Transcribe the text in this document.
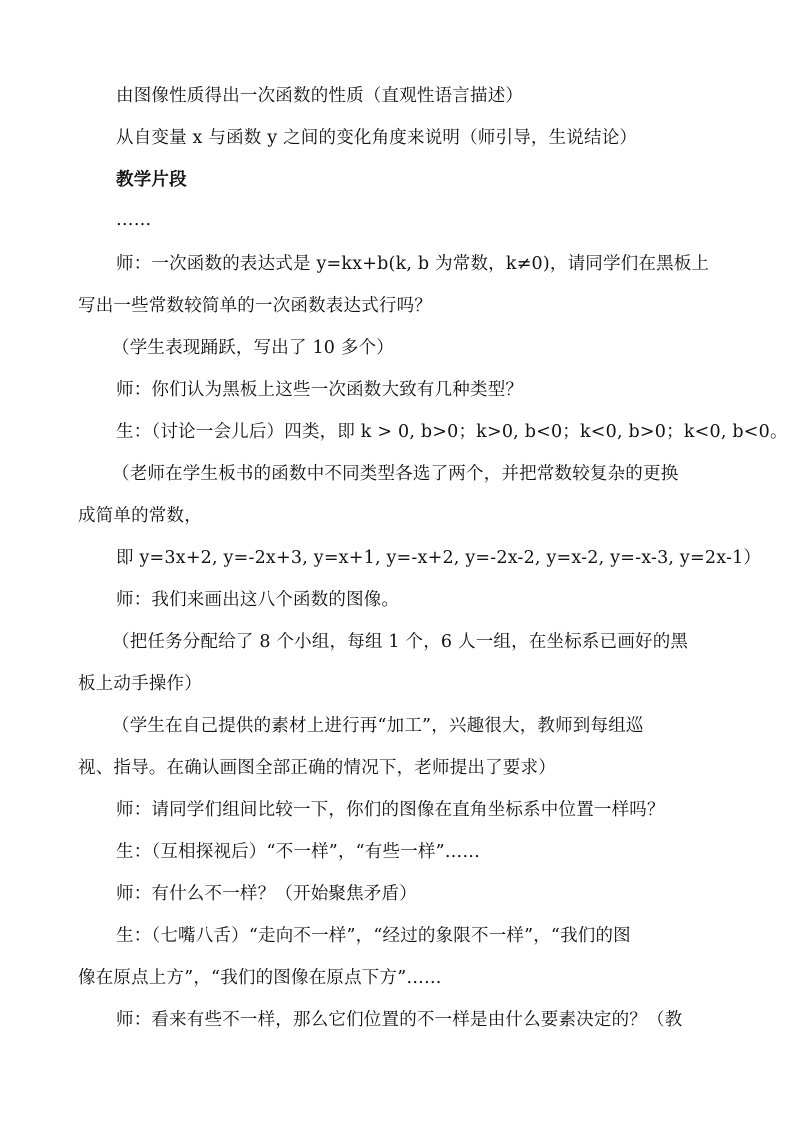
由图像性质得出一次函数的性质（直观性语言描述）
从自变量 x 与函数 y 之间的变化角度来说明（师引导，生说结论）
教学片段
……
师：一次函数的表达式是 y=kx+b(k, b 为常数，k≠0)，请同学们在黑板上
写出一些常数较简单的一次函数表达式行吗？
（学生表现踊跃，写出了 10 多个）
师：你们认为黑板上这些一次函数大致有几种类型？
生：（讨论一会儿后）四类，即 k > 0, b>0；k>0, b<0；k<0, b>0；k<0, b<0。
（老师在学生板书的函数中不同类型各选了两个，并把常数较复杂的更换
成简单的常数，
即 y=3x+2, y=-2x+3, y=x+1, y=-x+2, y=-2x-2, y=x-2, y=-x-3, y=2x-1）
师：我们来画出这八个函数的图像。
（把任务分配给了 8 个小组，每组 1 个，6 人一组，在坐标系已画好的黑
板上动手操作）
（学生在自己提供的素材上进行再“加工”，兴趣很大，教师到每组巡
视、指导。在确认画图全部正确的情况下，老师提出了要求）
师：请同学们组间比较一下，你们的图像在直角坐标系中位置一样吗？
生：（互相探视后）“不一样”，“有些一样”……
师：有什么不一样？（开始聚焦矛盾）
生：（七嘴八舌）“走向不一样”，“经过的象限不一样”，“我们的图
像在原点上方”，“我们的图像在原点下方”……
师：看来有些不一样，那么它们位置的不一样是由什么要素决定的？（教
